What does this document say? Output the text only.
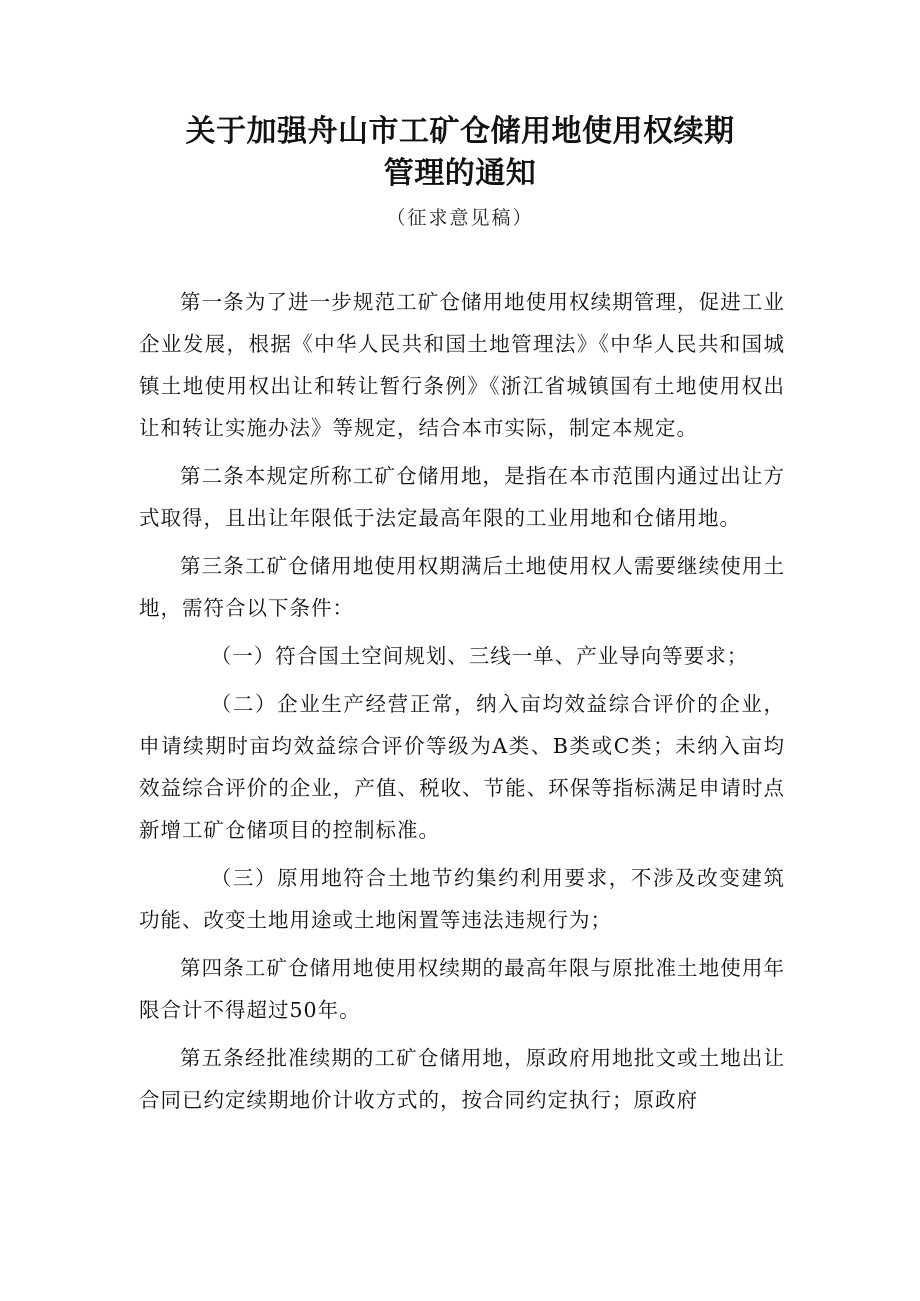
关于加强舟山市工矿仓储用地使用权续期
管理的通知
（征求意见稿）

第一条为了进一步规范工矿仓储用地使用权续期管理，促进工业企业发展，根据《中华人民共和国土地管理法》《中华人民共和国城镇土地使用权出让和转让暂行条例》《浙江省城镇国有土地使用权出让和转让实施办法》等规定，结合本市实际，制定本规定。

第二条本规定所称工矿仓储用地，是指在本市范围内通过出让方式取得，且出让年限低于法定最高年限的工业用地和仓储用地。

第三条工矿仓储用地使用权期满后土地使用权人需要继续使用土地，需符合以下条件：

（一）符合国土空间规划、三线一单、产业导向等要求；

（二）企业生产经营正常，纳入亩均效益综合评价的企业，申请续期时亩均效益综合评价等级为A类、B类或C类；未纳入亩均效益综合评价的企业，产值、税收、节能、环保等指标满足申请时点新增工矿仓储项目的控制标准。

（三）原用地符合土地节约集约利用要求，不涉及改变建筑功能、改变土地用途或土地闲置等违法违规行为；

第四条工矿仓储用地使用权续期的最高年限与原批准土地使用年限合计不得超过50年。

第五条经批准续期的工矿仓储用地，原政府用地批文或土地出让合同已约定续期地价计收方式的，按合同约定执行；原政府
